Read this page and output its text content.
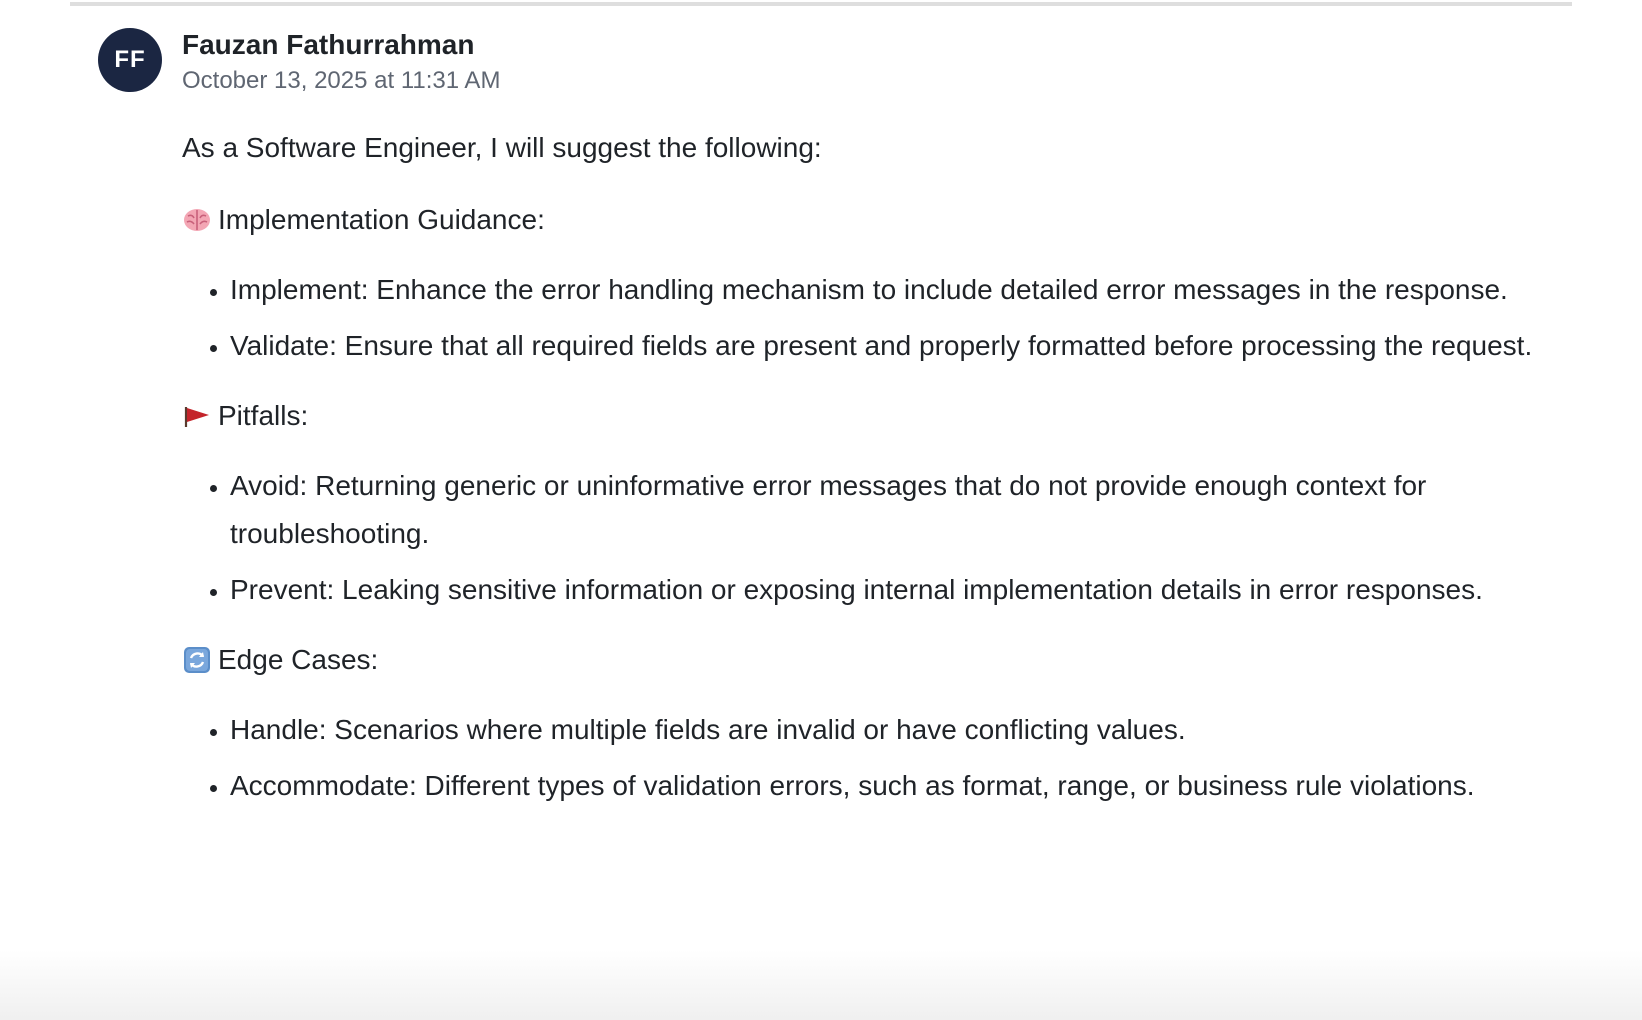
FF	Fauzan Fathurrahman
October 13, 2025 at 11:31 AM

As a Software Engineer, I will suggest the following:

Implementation Guidance:
• Implement: Enhance the error handling mechanism to include detailed error messages in the response.
• Validate: Ensure that all required fields are present and properly formatted before processing the request.
Pitfalls:
• Avoid: Returning generic or uninformative error messages that do not provide enough context for troubleshooting.
• Prevent: Leaking sensitive information or exposing internal implementation details in error responses.
Edge Cases:
• Handle: Scenarios where multiple fields are invalid or have conflicting values.
• Accommodate: Different types of validation errors, such as format, range, or business rule violations.
